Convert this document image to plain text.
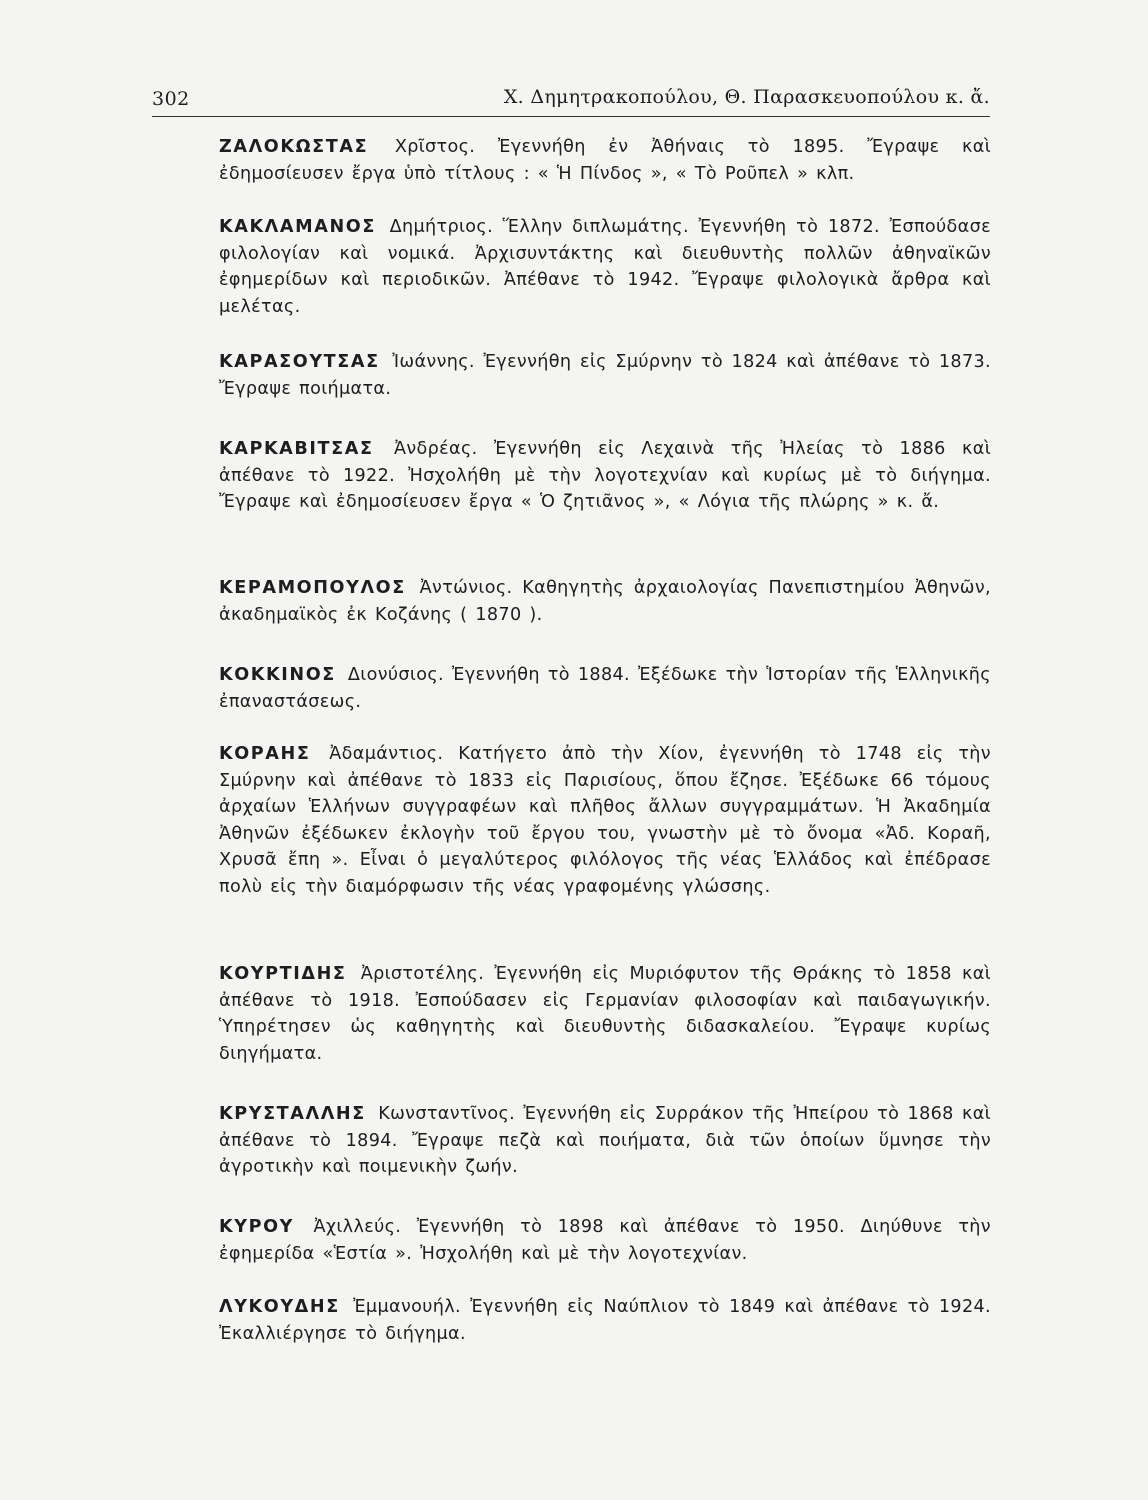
302	Χ. Δημητρακοπούλου, Θ. Παρασκευοπούλου κ. ἄ.

ΖΑΛΟΚΩΣΤΑΣ Χρῖστος. Ἐγεννήθη ἐν Ἀθήναις τὸ 1895. Ἔγραψε καὶ ἐδημοσίευσεν ἔργα ὑπὸ τίτλους : « Ἡ Πίνδος », « Τὸ Ροῦπελ » κλπ.

ΚΑΚΛΑΜΑΝΟΣ Δημήτριος. Ἕλλην διπλωμάτης. Ἐγεννήθη τὸ 1872. Ἐσπούδασε φιλολογίαν καὶ νομικά. Ἀρχισυντάκτης καὶ διευθυντὴς πολλῶν ἀθηναϊκῶν ἐφημερίδων καὶ περιοδικῶν. Ἀπέθανε τὸ 1942. Ἔγραψε φιλολογικὰ ἄρθρα καὶ μελέτας.

ΚΑΡΑΣΟΥΤΣΑΣ Ἰωάννης. Ἐγεννήθη εἰς Σμύρνην τὸ 1824 καὶ ἀπέθανε τὸ 1873. Ἔγραψε ποιήματα.

ΚΑΡΚΑΒΙΤΣΑΣ Ἀνδρέας. Ἐγεννήθη εἰς Λεχαινὰ τῆς Ἠλείας τὸ 1886 καὶ ἀπέθανε τὸ 1922. Ἠσχολήθη μὲ τὴν λογοτεχνίαν καὶ κυρίως μὲ τὸ διήγημα. Ἔγραψε καὶ ἐδημοσίευσεν ἔργα « Ὁ ζητιᾶνος », « Λόγια τῆς πλώρης » κ. ἄ.

ΚΕΡΑΜΟΠΟΥΛΟΣ Ἀντώνιος. Καθηγητὴς ἀρχαιολογίας Πανεπιστημίου Ἀθηνῶν, ἀκαδημαϊκὸς ἐκ Κοζάνης ( 1870 ).

ΚΟΚΚΙΝΟΣ Διονύσιος. Ἐγεννήθη τὸ 1884. Ἐξέδωκε τὴν Ἱστορίαν τῆς Ἑλληνικῆς ἐπαναστάσεως.

ΚΟΡΑΗΣ Ἀδαμάντιος. Κατήγετο ἀπὸ τὴν Χίον, ἐγεννήθη τὸ 1748 εἰς τὴν Σμύρνην καὶ ἀπέθανε τὸ 1833 εἰς Παρισίους, ὅπου ἔζησε. Ἐξέδωκε 66 τόμους ἀρχαίων Ἑλλήνων συγγραφέων καὶ πλῆθος ἄλλων συγγραμμάτων. Ἡ Ἀκαδημία Ἀθηνῶν ἐξέδωκεν ἐκλογὴν τοῦ ἔργου του, γνωστὴν μὲ τὸ ὄνομα «Ἀδ. Κοραῆ, Χρυσᾶ ἔπη ». Εἶναι ὁ μεγαλύτερος φιλόλογος τῆς νέας Ἑλλάδος καὶ ἐπέδρασε πολὺ εἰς τὴν διαμόρφωσιν τῆς νέας γραφομένης γλώσσης.

ΚΟΥΡΤΙΔΗΣ Ἀριστοτέλης. Ἐγεννήθη εἰς Μυριόφυτον τῆς Θράκης τὸ 1858 καὶ ἀπέθανε τὸ 1918. Ἐσπούδασεν εἰς Γερμανίαν φιλοσοφίαν καὶ παιδαγωγικήν. Ὑπηρέτησεν ὡς καθηγητὴς καὶ διευθυντὴς διδασκαλείου. Ἔγραψε κυρίως διηγήματα.

ΚΡΥΣΤΑΛΛΗΣ Κωνσταντῖνος. Ἐγεννήθη εἰς Συρράκον τῆς Ἠπείρου τὸ 1868 καὶ ἀπέθανε τὸ 1894. Ἔγραψε πεζὰ καὶ ποιήματα, διὰ τῶν ὁποίων ὕμνησε τὴν ἀγροτικὴν καὶ ποιμενικὴν ζωήν.

ΚΥΡΟΥ Ἀχιλλεύς. Ἐγεννήθη τὸ 1898 καὶ ἀπέθανε τὸ 1950. Διηύθυνε τὴν ἐφημερίδα «Ἑστία ». Ἠσχολήθη καὶ μὲ τὴν λογοτεχνίαν.

ΛΥΚΟΥΔΗΣ Ἐμμανουήλ. Ἐγεννήθη εἰς Ναύπλιον τὸ 1849 καὶ ἀπέθανε τὸ 1924. Ἐκαλλιέργησε τὸ διήγημα.
